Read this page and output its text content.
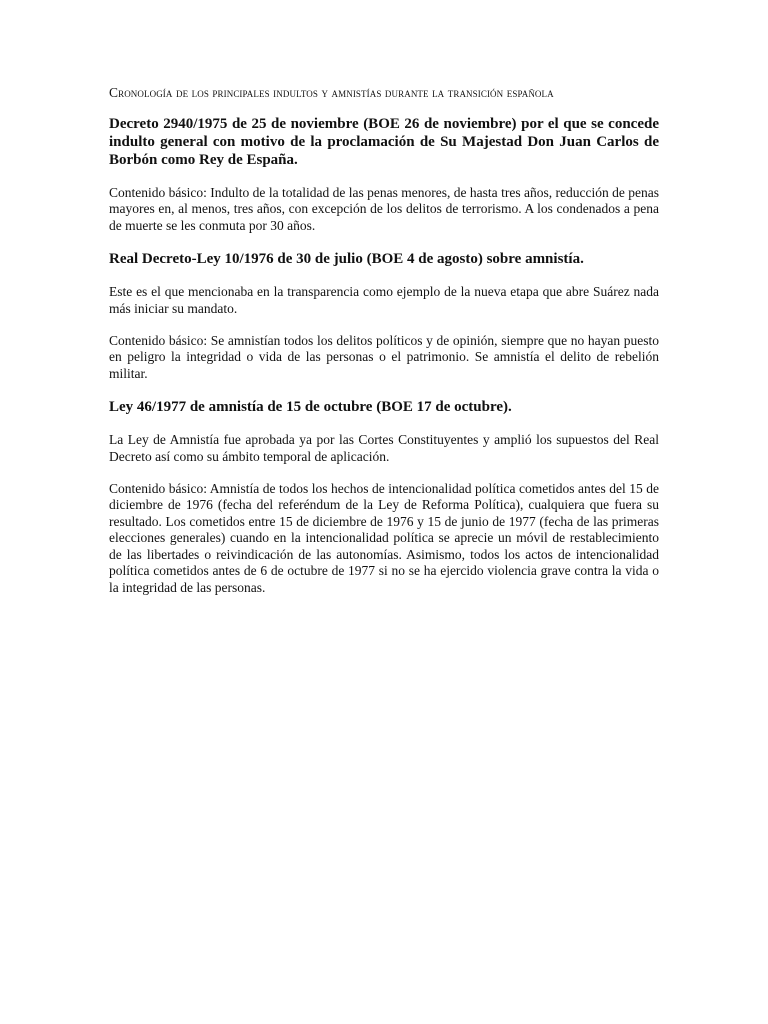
Cronología de los principales indultos y amnistías durante la transición española
Decreto 2940/1975 de 25 de noviembre (BOE 26 de noviembre) por el que se concede indulto general con motivo de la proclamación de Su Majestad Don Juan Carlos de Borbón como Rey de España.
Contenido básico: Indulto de la totalidad de las penas menores, de hasta tres años, reducción de penas mayores en, al menos, tres años, con excepción de los delitos de terrorismo. A los condenados a pena de muerte se les conmuta por 30 años.
Real Decreto-Ley 10/1976 de 30 de julio (BOE 4 de agosto) sobre amnistía.
Este es el que mencionaba en la transparencia como ejemplo de la nueva etapa que abre Suárez nada más iniciar su mandato.
Contenido básico: Se amnistían todos los delitos políticos y de opinión, siempre que no hayan puesto en peligro la integridad o vida de las personas o el patrimonio. Se amnistía el delito de rebelión militar.
Ley 46/1977 de amnistía de 15 de octubre (BOE 17 de octubre).
La Ley de Amnistía fue aprobada ya por las Cortes Constituyentes y amplió los supuestos del Real Decreto así como su ámbito temporal de aplicación.
Contenido básico: Amnistía de todos los hechos de intencionalidad política cometidos antes del 15 de diciembre de 1976 (fecha del referéndum de la Ley de Reforma Política), cualquiera que fuera su resultado. Los cometidos entre 15 de diciembre de 1976 y 15 de junio de 1977 (fecha de las primeras elecciones generales) cuando en la intencionalidad política se aprecie un móvil de restablecimiento de las libertades o reivindicación de las autonomías. Asimismo, todos los actos de intencionalidad política cometidos antes de 6 de octubre de 1977 si no se ha ejercido violencia grave contra la vida o la integridad de las personas.
